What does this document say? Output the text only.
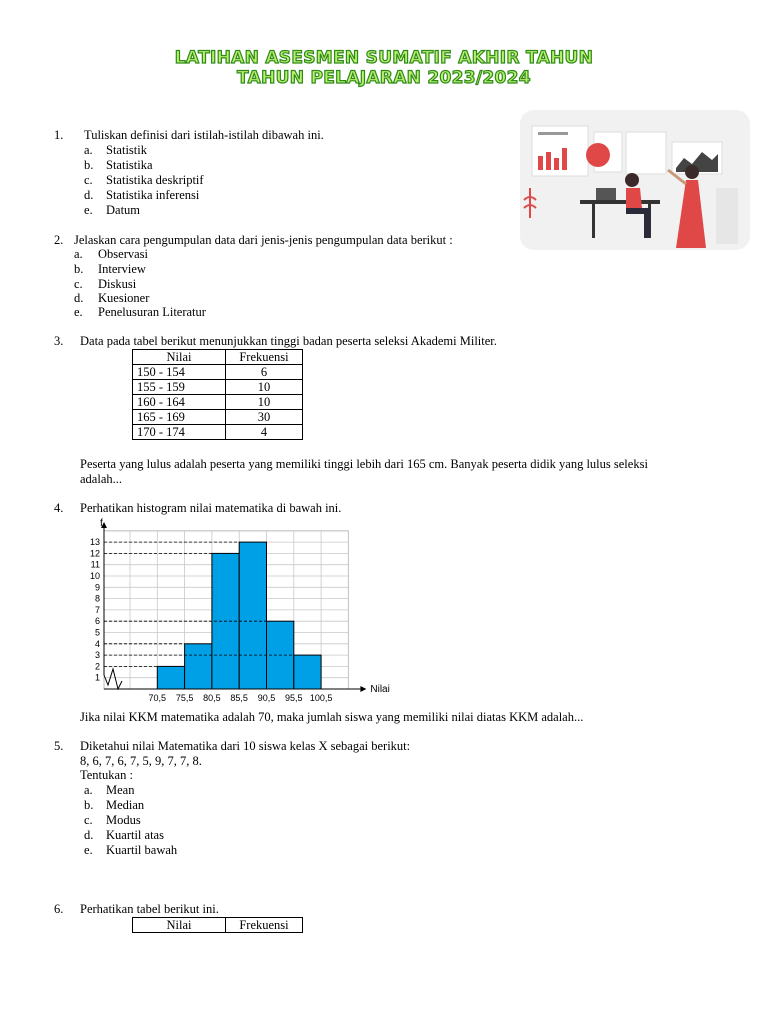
LATIHAN ASESMEN SUMATIF AKHIR TAHUN
TAHUN PELAJARAN 2023/2024
1. Tuliskan definisi dari istilah-istilah dibawah ini.
a. Statistik
b. Statistika
c. Statistika deskriptif
d. Statistika inferensi
e. Datum
2. Jelaskan cara pengumpulan data dari jenis-jenis pengumpulan data berikut :
a. Observasi
b. Interview
c. Diskusi
d. Kuesioner
e. Penelusuran Literatur
3. Data pada tabel berikut menunjukkan tinggi badan peserta seleksi Akademi Militer.
Nilai	Frekuensi
150 - 154	6
155 - 159	10
160 - 164	10
165 - 169	30
170 - 174	4
Peserta yang lulus adalah peserta yang memiliki tinggi lebih dari 165 cm. Banyak peserta didik yang lulus seleksi
adalah...
4. Perhatikan histogram nilai matematika di bawah ini.
1
2
3
4
5
6
7
8
9
10
11
12
13
70,5 75,5 80,5 85,5 90,5 95,5 100,5
f
Nilai
Jika nilai KKM matematika adalah 70, maka jumlah siswa yang memiliki nilai diatas KKM adalah...
5. Diketahui nilai Matematika dari 10 siswa kelas X sebagai berikut:
8, 6, 7, 6, 7, 5, 9, 7, 7, 8.
Tentukan :
a. Mean
b. Median
c. Modus
d. Kuartil atas
e. Kuartil bawah
6. Perhatikan tabel berikut ini.
Nilai	Frekuensi
